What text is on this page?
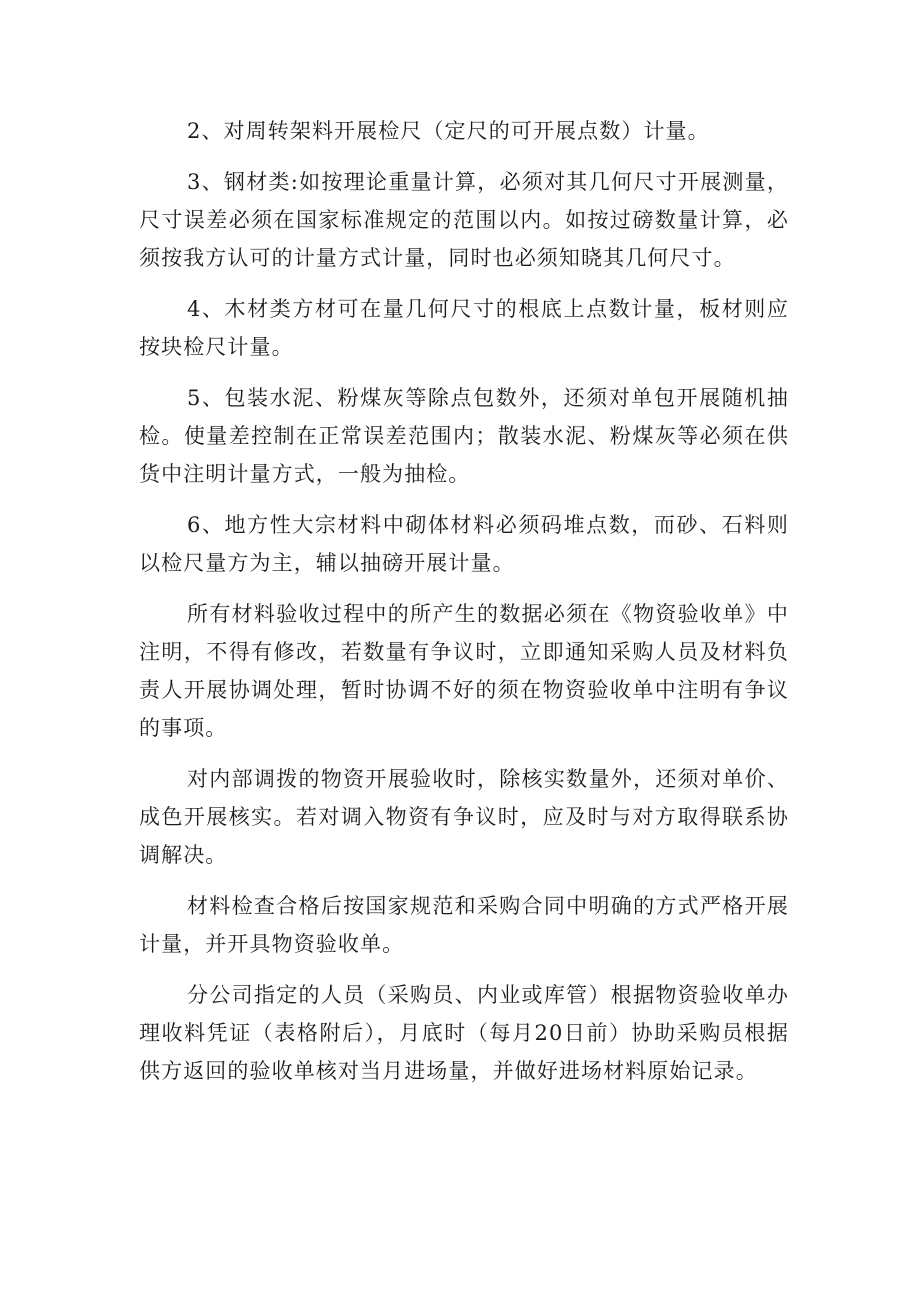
2、对周转架料开展检尺（定尺的可开展点数）计量。

3、钢材类:如按理论重量计算，必须对其几何尺寸开展测量，尺寸误差必须在国家标准规定的范围以内。如按过磅数量计算，必须按我方认可的计量方式计量，同时也必须知晓其几何尺寸。

4、木材类方材可在量几何尺寸的根底上点数计量，板材则应按块检尺计量。

5、包装水泥、粉煤灰等除点包数外，还须对单包开展随机抽检。使量差控制在正常误差范围内；散装水泥、粉煤灰等必须在供货中注明计量方式，一般为抽检。

6、地方性大宗材料中砌体材料必须码堆点数，而砂、石料则以检尺量方为主，辅以抽磅开展计量。

所有材料验收过程中的所产生的数据必须在《物资验收单》中注明，不得有修改，若数量有争议时，立即通知采购人员及材料负责人开展协调处理，暂时协调不好的须在物资验收单中注明有争议的事项。

对内部调拨的物资开展验收时，除核实数量外，还须对单价、成色开展核实。若对调入物资有争议时，应及时与对方取得联系协调解决。

材料检查合格后按国家规范和采购合同中明确的方式严格开展计量，并开具物资验收单。

分公司指定的人员（采购员、内业或库管）根据物资验收单办理收料凭证（表格附后），月底时（每月20日前）协助采购员根据供方返回的验收单核对当月进场量，并做好进场材料原始记录。
